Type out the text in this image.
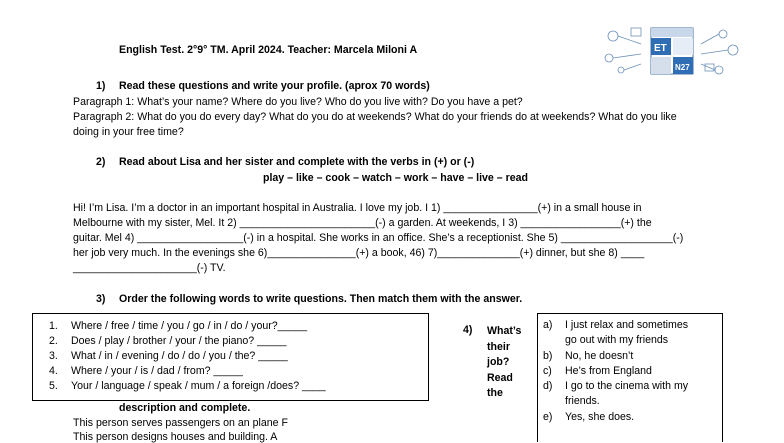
English Test. 2°9° TM. April 2024. Teacher: Marcela Miloni A	ET
N27
1) Read these questions and write your profile. (aprox 70 words)
Paragraph 1: What’s your name? Where do you live? Who do you live with? Do you have a pet?
Paragraph 2: What do you do every day? What do you do at weekends? What do your friends do at weekends? What do you like
doing in your free time?
2) Read about Lisa and her sister and complete with the verbs in (+) or (-)
play – like – cook – watch – work – have – live – read
Hi! I’m Lisa. I’m a doctor in an important hospital in Australia. I love my job. I 1) ________________(+) in a small house in
Melbourne with my sister, Mel. It 2) _______________________(-) a garden. At weekends, I 3) _________________(+) the
guitar. Mel 4) __________________(-) in a hospital. She works in an office. She’s a receptionist. She 5) ___________________(-)
her job very much. In the evenings she 6)_______________(+) a book, 46) 7)______________(+) dinner, but she 8) ____
_____________________(-) TV.
3) Order the following words to write questions. Then match them with the answer.
1. Where / free / time / you / go / in / do / your?_____
2. Does / play / brother / your / the piano? _____
3. What / in / evening / do / do / you / the? _____
4. Where / your / is / dad / from? _____
5. Your / language / speak / mum / a foreign /does? ____
4) What’s
their
job?
Read
the
a) I just relax and sometimes
go out with my friends
b) No, he doesn’t
c) He’s from England
d) I go to the cinema with my
friends.
e) Yes, she does.
description and complete.
This person serves passengers on an plane F
This person designs houses and building. A
